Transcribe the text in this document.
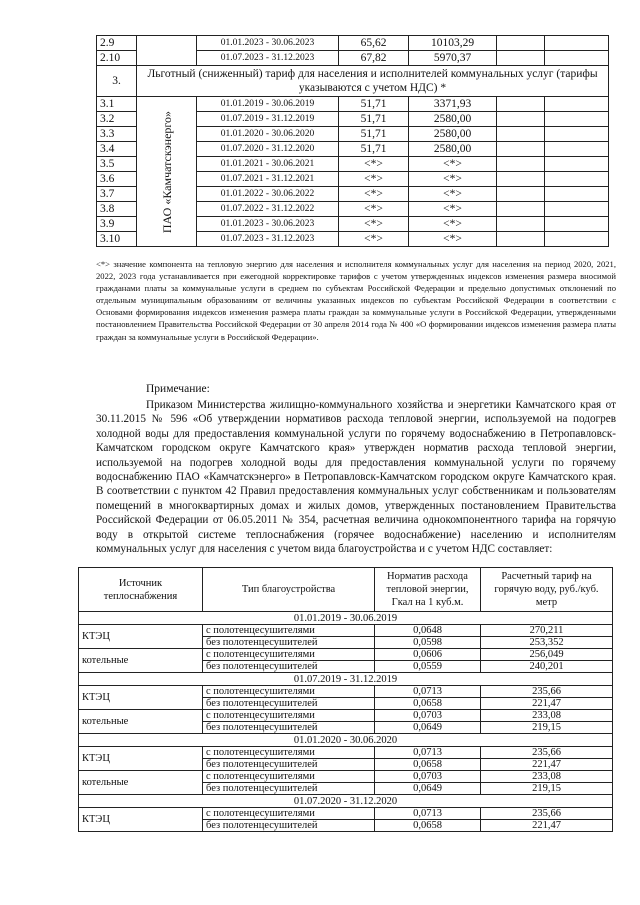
2.9		01.01.2023 - 30.06.2023	65,62	10103,29		
2.10		01.07.2023 - 31.12.2023	67,82	5970,37		
3.	Льготный (сниженный) тариф для населения и исполнителей коммунальных услуг (тарифы указываются с учетом НДС) *					
3.1	ПАО «Камчатскэнерго»	01.01.2019 - 30.06.2019	51,71	3371,93		
3.2		01.07.2019 - 31.12.2019	51,71	2580,00		
3.3		01.01.2020 - 30.06.2020	51,71	2580,00		
3.4		01.07.2020 - 31.12.2020	51,71	2580,00		
3.5		01.01.2021 - 30.06.2021	<*>	<*>		
3.6		01.07.2021 - 31.12.2021	<*>	<*>		
3.7		01.01.2022 - 30.06.2022	<*>	<*>		
3.8		01.07.2022 - 31.12.2022	<*>	<*>		
3.9		01.01.2023 - 30.06.2023	<*>	<*>		
3.10		01.07.2023 - 31.12.2023	<*>	<*>		
<*> значение компонента на тепловую энергию для населения и исполнителя коммунальных услуг для населения на период 2020, 2021, 2022, 2023 года устанавливается при ежегодной корректировке тарифов с учетом утвержденных индексов изменения размера вносимой гражданами платы за коммунальные услуги в среднем по субъектам Российской Федерации и предельно допустимых отклонений по отдельным муниципальным образованиям от величины указанных индексов по субъектам Российской Федерации в соответствии с Основами формирования индексов изменения размера платы граждан за коммунальные услуги в Российской Федерации, утвержденными постановлением Правительства Российской Федерации от 30 апреля 2014 года № 400 «О формировании индексов изменения размера платы граждан за коммунальные услуги в Российской Федерации».
Примечание:
Приказом Министерства жилищно-коммунального хозяйства и энергетики Камчатского края от 30.11.2015 № 596 «Об утверждении нормативов расхода тепловой энергии, используемой на подогрев холодной воды для предоставления коммунальной услуги по горячему водоснабжению в Петропавловск-Камчатском городском округе Камчатского края» утвержден норматив расхода тепловой энергии, используемой на подогрев холодной воды для предоставления коммунальной услуги по горячему водоснабжению ПАО «Камчатскэнерго» в Петропавловск-Камчатском городском округе Камчатского края. В соответствии с пунктом 42 Правил предоставления коммунальных услуг собственникам и пользователям помещений в многоквартирных домах и жилых домов, утвержденных постановлением Правительства Российской Федерации от 06.05.2011 № 354, расчетная величина однокомпонентного тарифа на горячую воду в открытой системе теплоснабжения (горячее водоснабжение) населению и исполнителям коммунальных услуг для населения с учетом вида благоустройства и с учетом НДС составляет:
Источник теплоснабжения	Тип благоустройства	Норматив расхода тепловой энергии, Гкал на 1 куб.м.	Расчетный тариф на горячую воду, руб./куб. метр
01.01.2019 - 30.06.2019			
КТЭЦ	с полотенцесушителями	0,0648	270,211
	без полотенцесушителей	0,0598	253,352
котельные	с полотенцесушителями	0,0606	256,049
	без полотенцесушителей	0,0559	240,201
01.07.2019 - 31.12.2019			
КТЭЦ	с полотенцесушителями	0,0713	235,66
	без полотенцесушителей	0,0658	221,47
котельные	с полотенцесушителями	0,0703	233,08
	без полотенцесушителей	0,0649	219,15
01.01.2020 - 30.06.2020			
КТЭЦ	с полотенцесушителями	0,0713	235,66
	без полотенцесушителей	0,0658	221,47
котельные	с полотенцесушителями	0,0703	233,08
	без полотенцесушителей	0,0649	219,15
01.07.2020 - 31.12.2020			
КТЭЦ	с полотенцесушителями	0,0713	235,66
	без полотенцесушителей	0,0658	221,47
